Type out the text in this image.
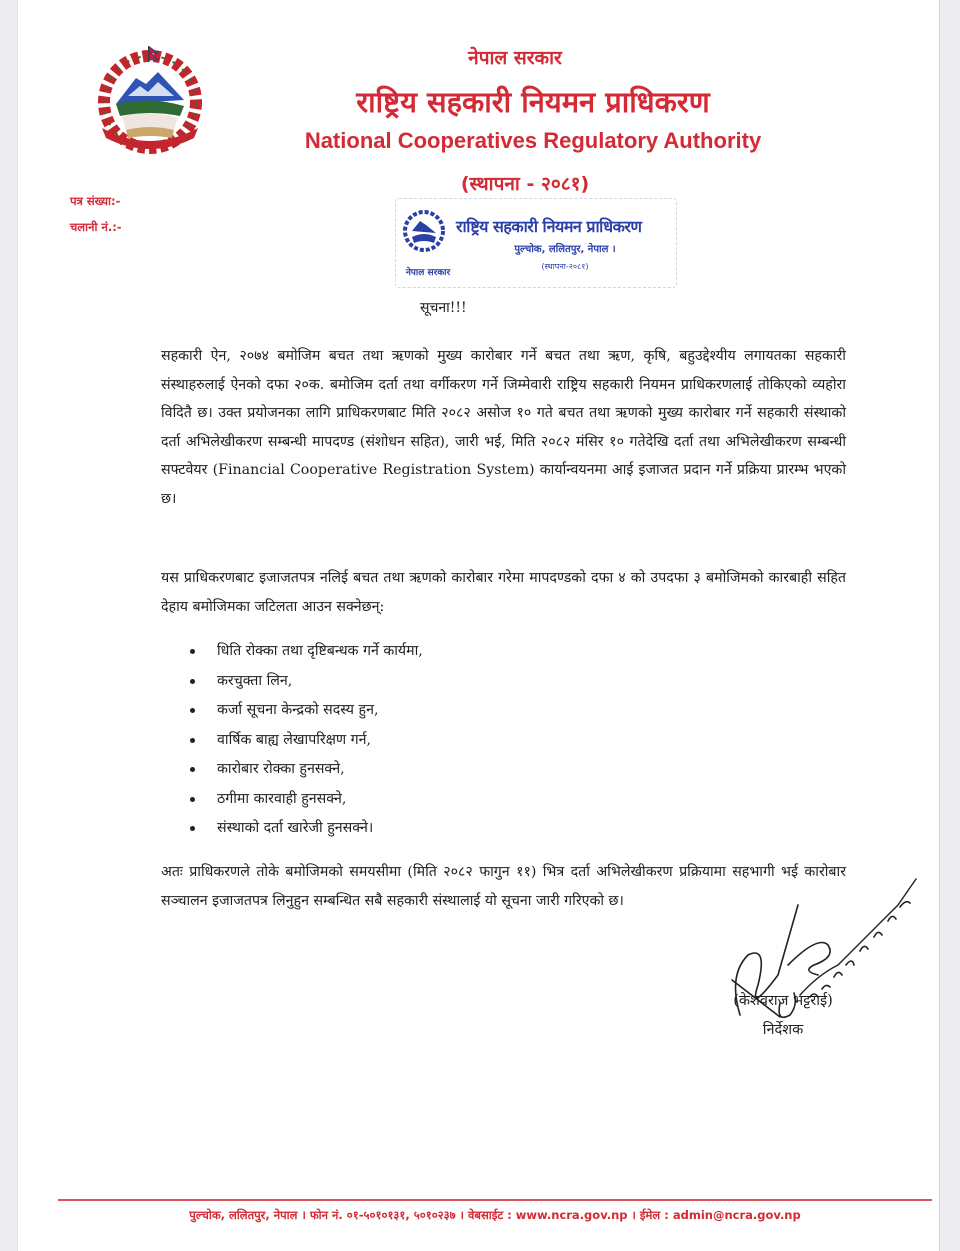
नेपाल सरकार
राष्ट्रिय सहकारी नियमन प्राधिकरण
National Cooperatives Regulatory Authority
(स्थापना - २०८१)
पत्र संख्या:-
चलानी नं.:-
नेपाल सरकार
राष्ट्रिय सहकारी नियमन प्राधिकरण
पुल्चोक, ललितपुर, नेपाल ।
(स्थापना-२०८१)
सूचना!!!

सहकारी ऐन, २०७४ बमोजिम बचत तथा ऋणको मुख्य कारोबार गर्ने बचत तथा ऋण, कृषि, बहुउद्देश्यीय लगायतका सहकारी संस्थाहरुलाई ऐनको दफा २०क. बमोजिम दर्ता तथा वर्गीकरण गर्ने जिम्मेवारी राष्ट्रिय सहकारी नियमन प्राधिकरणलाई तोकिएको व्यहोरा विदितै छ। उक्त प्रयोजनका लागि प्राधिकरणबाट मिति २०८२ असोज १० गते बचत तथा ऋणको मुख्य कारोबार गर्ने सहकारी संस्थाको दर्ता अभिलेखीकरण सम्बन्धी मापदण्ड (संशोधन सहित), जारी भई, मिति २०८२ मंसिर १० गतेदेखि दर्ता तथा अभिलेखीकरण सम्बन्धी सफ्टवेयर (Financial Cooperative Registration System) कार्यान्वयनमा आई इजाजत प्रदान गर्ने प्रक्रिया प्रारम्भ भएको छ।

यस प्राधिकरणबाट इजाजतपत्र नलिई बचत तथा ऋणको कारोबार गरेमा मापदण्डको दफा ४ को उपदफा ३ बमोजिमको कारबाही सहित देहाय बमोजिमका जटिलता आउन सक्नेछन्:

धिति रोक्का तथा दृष्टिबन्धक गर्ने कार्यमा,
करचुक्ता लिन,
कर्जा सूचना केन्द्रको सदस्य हुन,
वार्षिक बाह्य लेखापरिक्षण गर्न,
कारोबार रोक्का हुनसक्ने,
ठगीमा कारवाही हुनसक्ने,
संस्थाको दर्ता खारेजी हुनसक्ने।

अतः प्राधिकरणले तोके बमोजिमको समयसीमा (मिति २०८२ फागुन ११) भित्र दर्ता अभिलेखीकरण प्रक्रियामा सहभागी भई कारोबार सञ्चालन इजाजतपत्र लिनुहुन सम्बन्धित सबै सहकारी संस्थालाई यो सूचना जारी गरिएको छ।

(केशवराज भट्टराई)
निर्देशक
पुल्चोक, ललितपुर, नेपाल । फोन नं. ०१-५०१०१३१, ५०१०२३७ । वेबसाईट : www.ncra.gov.np । ईमेल : admin@ncra.gov.np
